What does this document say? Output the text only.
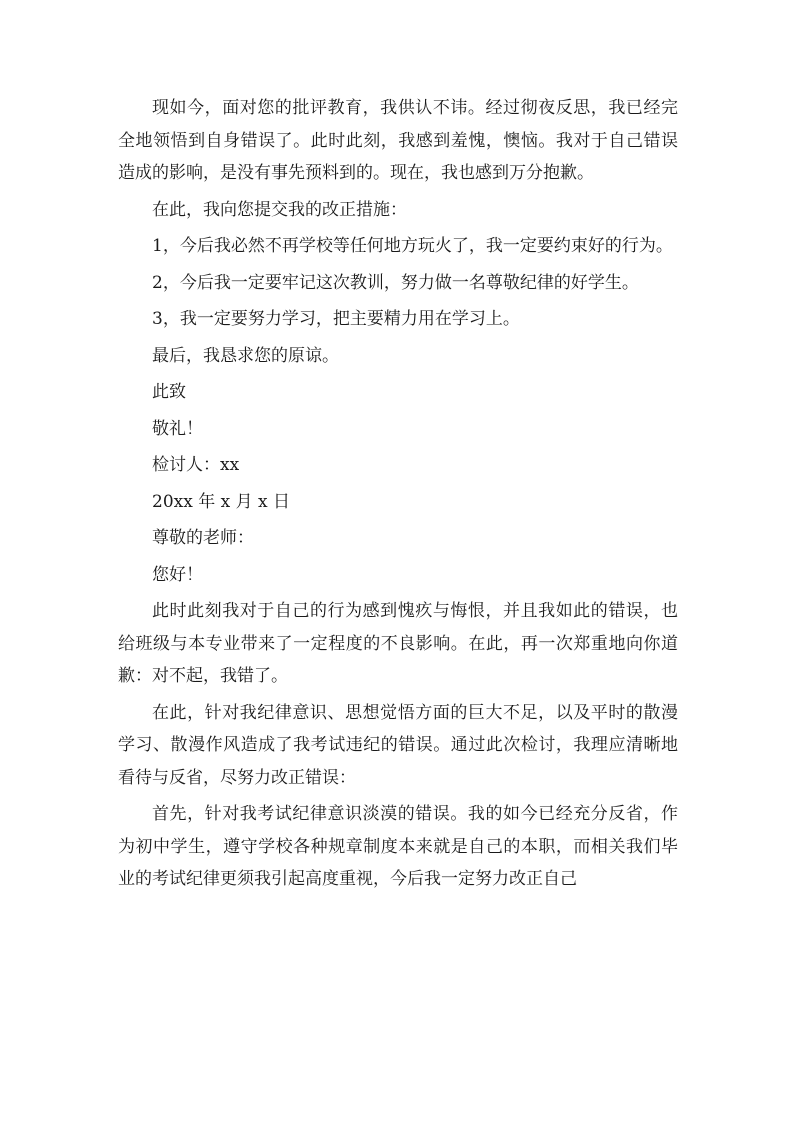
现如今，面对您的批评教育，我供认不讳。经过彻夜反思，我已经完全地领悟到自身错误了。此时此刻，我感到羞愧，懊恼。我对于自己错误造成的影响，是没有事先预料到的。现在，我也感到万分抱歉。

在此，我向您提交我的改正措施：

1，今后我必然不再学校等任何地方玩火了，我一定要约束好的行为。

2，今后我一定要牢记这次教训，努力做一名尊敬纪律的好学生。

3，我一定要努力学习，把主要精力用在学习上。

最后，我恳求您的原谅。

此致

敬礼！

检讨人：xx

20xx 年 x 月 x 日

尊敬的老师：

您好！

此时此刻我对于自己的行为感到愧疚与悔恨，并且我如此的错误，也给班级与本专业带来了一定程度的不良影响。在此，再一次郑重地向你道歉：对不起，我错了。

在此，针对我纪律意识、思想觉悟方面的巨大不足，以及平时的散漫学习、散漫作风造成了我考试违纪的错误。通过此次检讨，我理应清晰地看待与反省，尽努力改正错误：

首先，针对我考试纪律意识淡漠的错误。我的如今已经充分反省，作为初中学生，遵守学校各种规章制度本来就是自己的本职，而相关我们毕业的考试纪律更须我引起高度重视，今后我一定努力改正自己
